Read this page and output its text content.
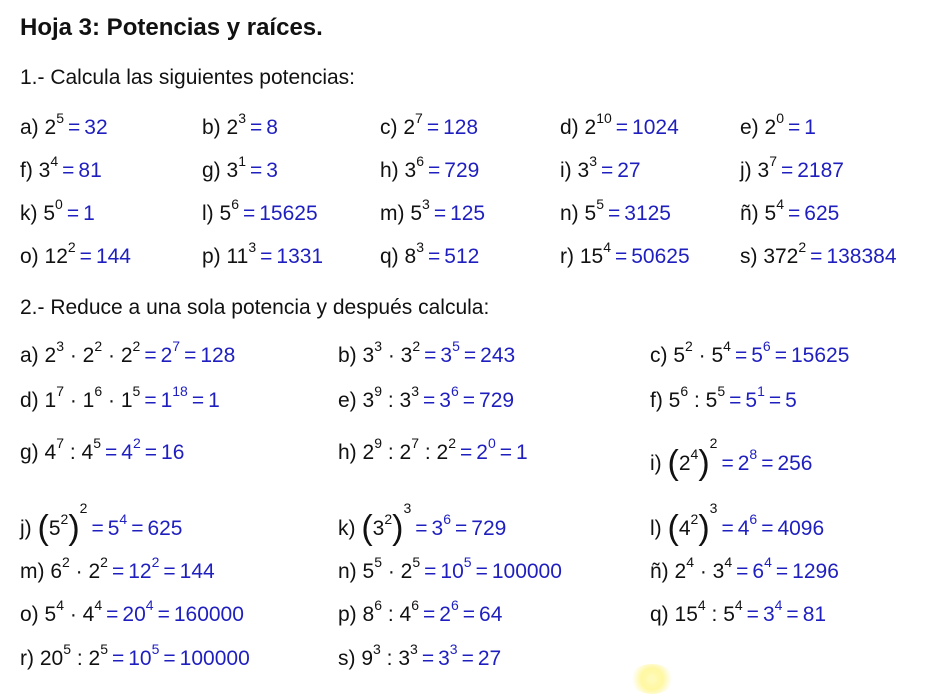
Hoja 3: Potencias y raíces.
1.- Calcula las siguientes potencias:
a) $2^5 = 32$	b) $2^3 = 8$	c) $2^7 = 128$	d) $2^{10} = 1024$	e) $2^0 = 1$
f) $3^4 = 81$	g) $3^1 = 3$	h) $3^6 = 729$	i) $3^3 = 27$	j) $3^7 = 2187$
k) $5^0 = 1$	l) $5^6 = 15625$	m) $5^3 = 125$	n) $5^5 = 3125$	ñ) $5^4 = 625$
o) $12^2 = 144$	p) $11^3 = 1331$	q) $8^3 = 512$	r) $15^4 = 50625$ s) $372^2 = 138384$
2.- Reduce a una sola potencia y después calcula:
a) $2^3 \cdot 2^2 \cdot 2^2 = 2^7 = 128$	b) $3^3 \cdot 3^2 = 3^5 = 243$	c) $5^2 \cdot 5^4 = 5^6 = 15625$
d) $1^7 \cdot 1^6 \cdot 1^5 = 1^{18} = 1$	e) $3^9$ : $3^3 = 3^6 = 729$	f) $5^6$ : $5^5 = 5^1 = 5$
g) $4^7$ : $4^5 = 4^2 = 16$	h) $2^9$ : $2^7$ : $2^2 = 2^0 = 1$	i) $(2^4)^2= 2^8 = 256$
j) $(5^2)^2= 5^4 = 625$	k) $(3^2)^3= 3^6 = 729$	l) $(4^2)^3= 4^6 = 4096$
m) $6^2 \cdot 2^2 = 12^2 = 144$	n) $5^5 \cdot 2^5 = 10^5 = 100000$	ñ) $2^4 \cdot 3^4 = 6^4 = 1296$
o) $5^4 \cdot 4^4 = 20^4 = 160000$	p) $8^6$ : $4^6 = 2^6 = 64$	q) $15^4$ : $5^4 = 3^4 = 81$
r) $20^5$ : $2^5 = 10^5 = 100000$	s) $9^3$ : $3^3 = 3^3 = 27$
